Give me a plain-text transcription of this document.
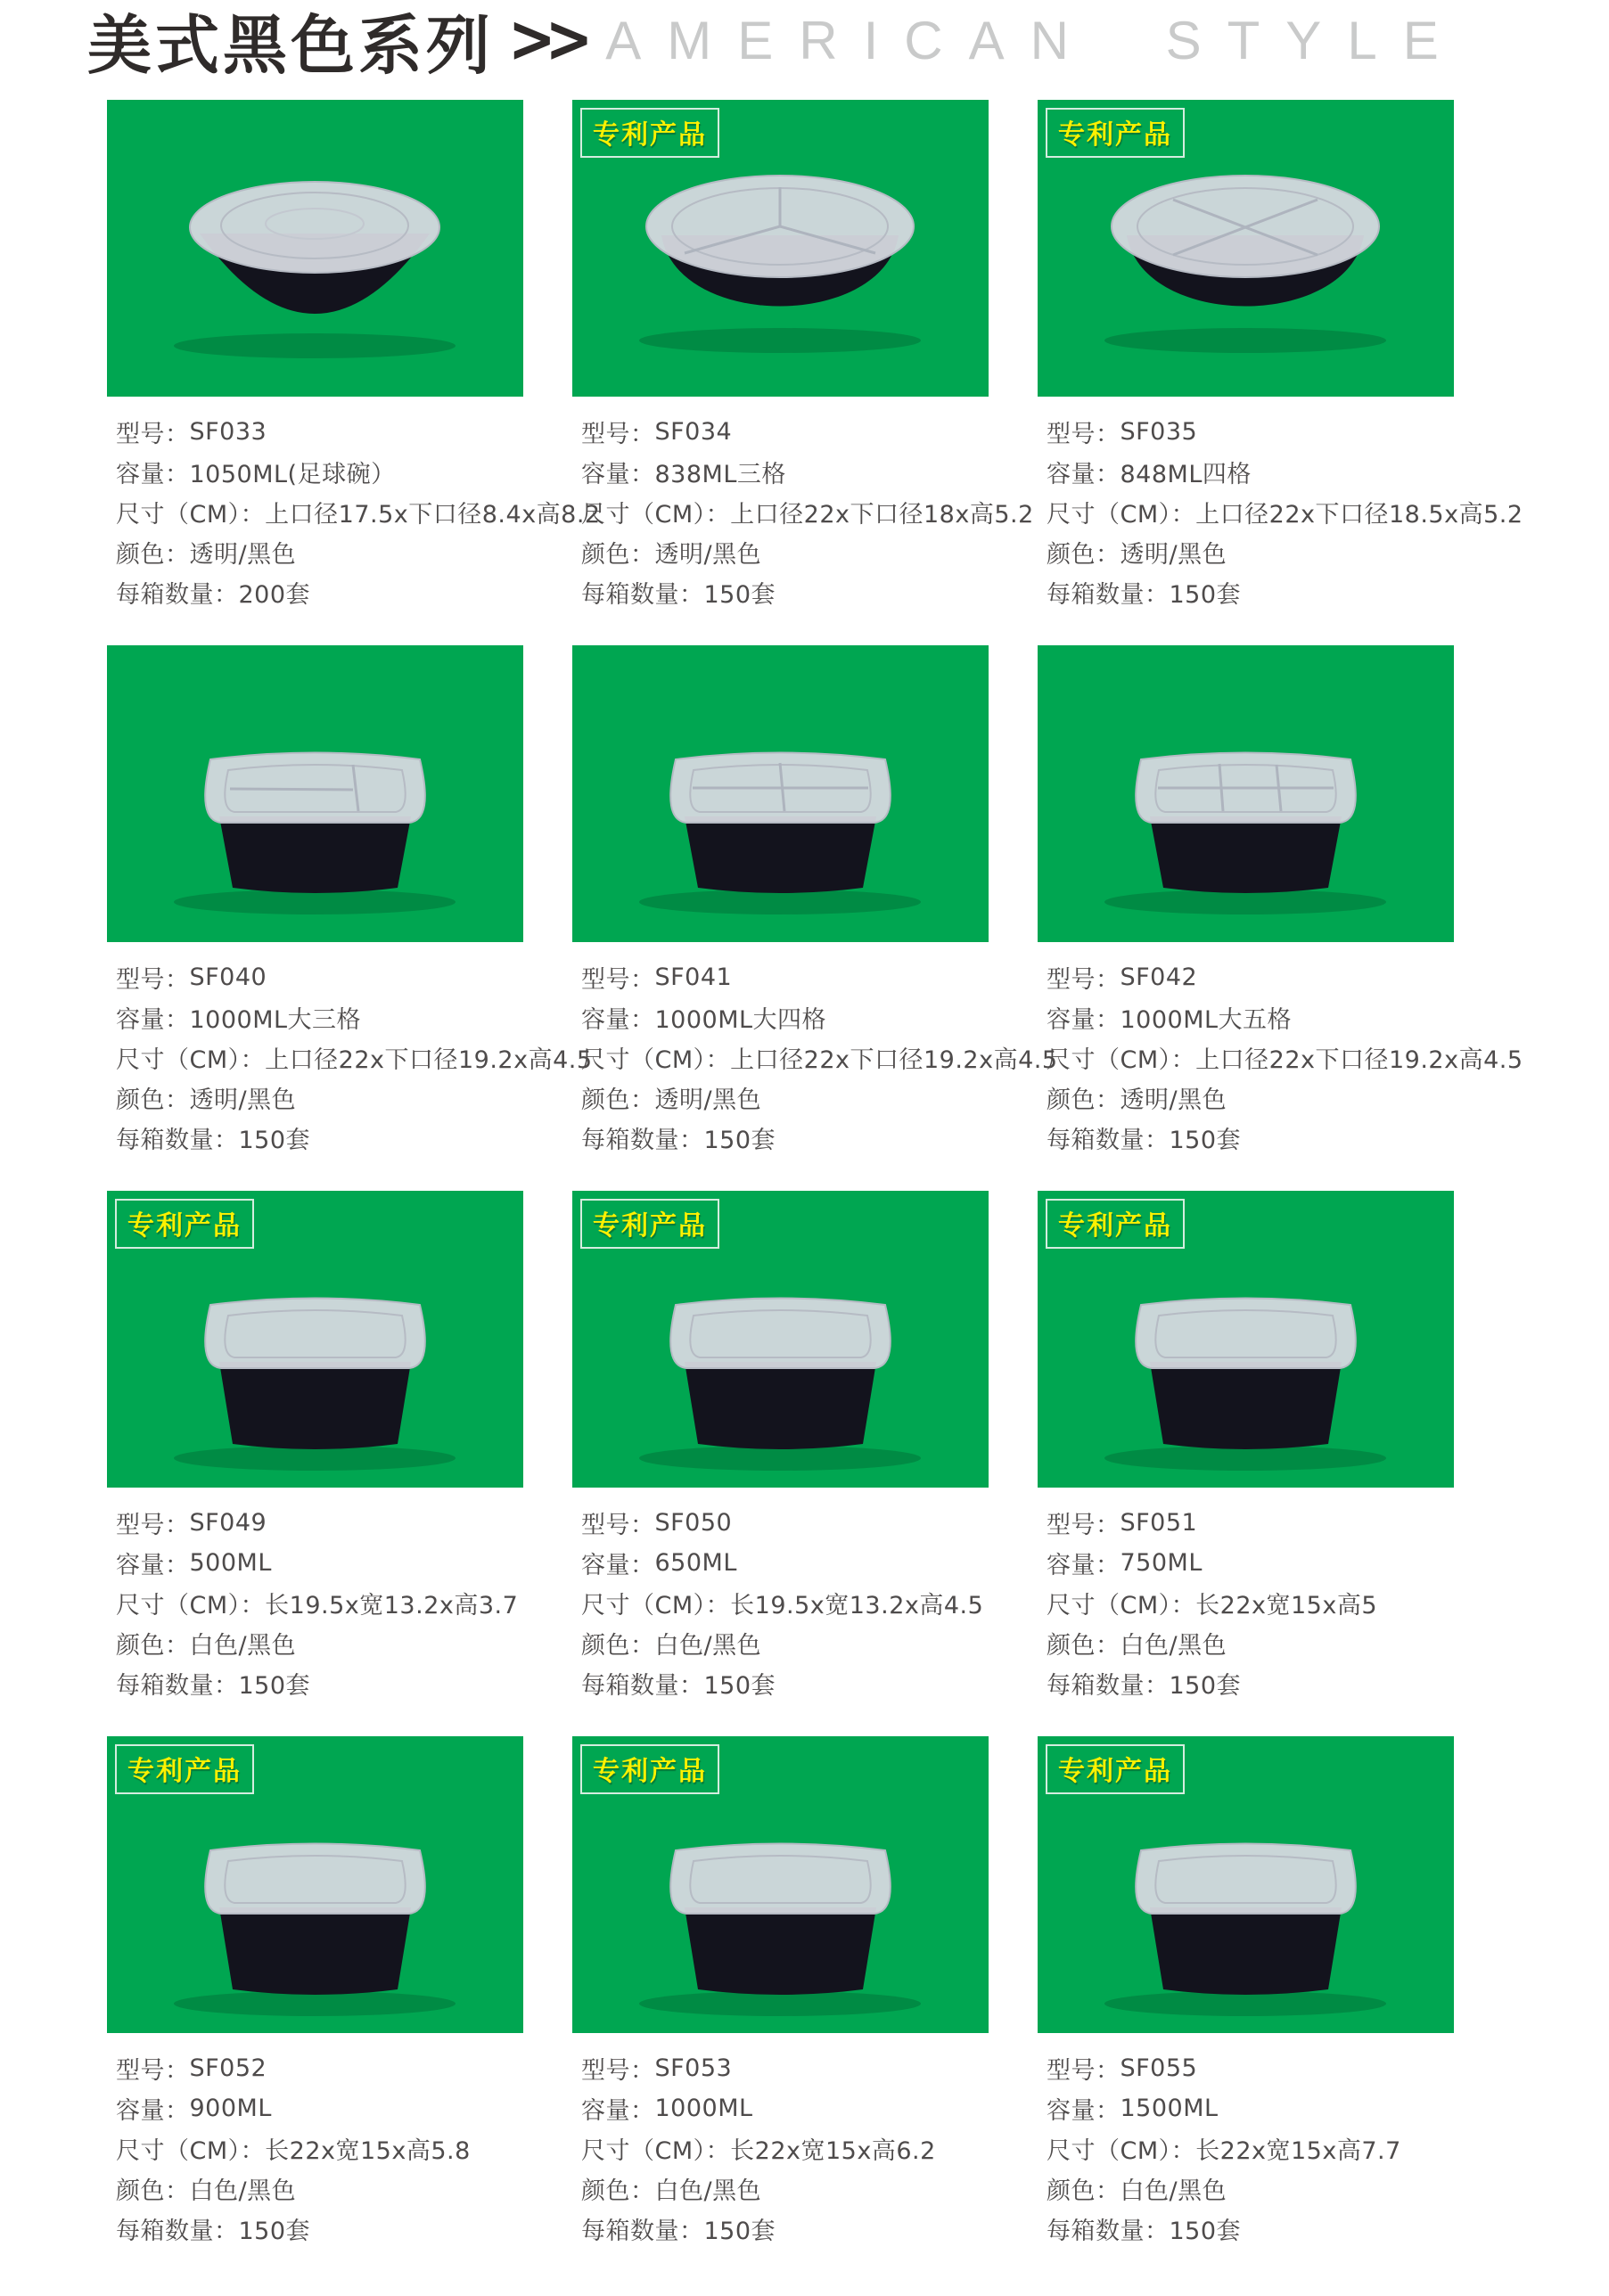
美式黑色系列 >> AMERICAN STYLE
型号： SF033
容量： 1050ML(足球碗）
尺寸（CM）： 上口径17.5x下口径8.4x高8.2
颜色： 透明/黑色
每箱数量： 200套
专利产品
型号： SF034
容量： 838ML三格
尺寸（CM）： 上口径22x下口径18x高5.2
颜色： 透明/黑色
每箱数量： 150套
专利产品
型号： SF035
容量： 848ML四格
尺寸（CM）： 上口径22x下口径18.5x高5.2
颜色： 透明/黑色
每箱数量： 150套
型号： SF040
容量： 1000ML大三格
尺寸（CM）： 上口径22x下口径19.2x高4.5
颜色： 透明/黑色
每箱数量： 150套
型号： SF041
容量： 1000ML大四格
尺寸（CM）： 上口径22x下口径19.2x高4.5
颜色： 透明/黑色
每箱数量： 150套
型号： SF042
容量： 1000ML大五格
尺寸（CM）： 上口径22x下口径19.2x高4.5
颜色： 透明/黑色
每箱数量： 150套
专利产品
型号： SF049
容量： 500ML
尺寸（CM）： 长19.5x宽13.2x高3.7
颜色： 白色/黑色
每箱数量： 150套
专利产品
型号： SF050
容量： 650ML
尺寸（CM）： 长19.5x宽13.2x高4.5
颜色： 白色/黑色
每箱数量： 150套
专利产品
型号： SF051
容量： 750ML
尺寸（CM）： 长22x宽15x高5
颜色： 白色/黑色
每箱数量： 150套
专利产品
型号： SF052
容量： 900ML
尺寸（CM）： 长22x宽15x高5.8
颜色： 白色/黑色
每箱数量： 150套
专利产品
型号： SF053
容量： 1000ML
尺寸（CM）： 长22x宽15x高6.2
颜色： 白色/黑色
每箱数量： 150套
专利产品
型号： SF055
容量： 1500ML
尺寸（CM）： 长22x宽15x高7.7
颜色： 白色/黑色
每箱数量： 150套
